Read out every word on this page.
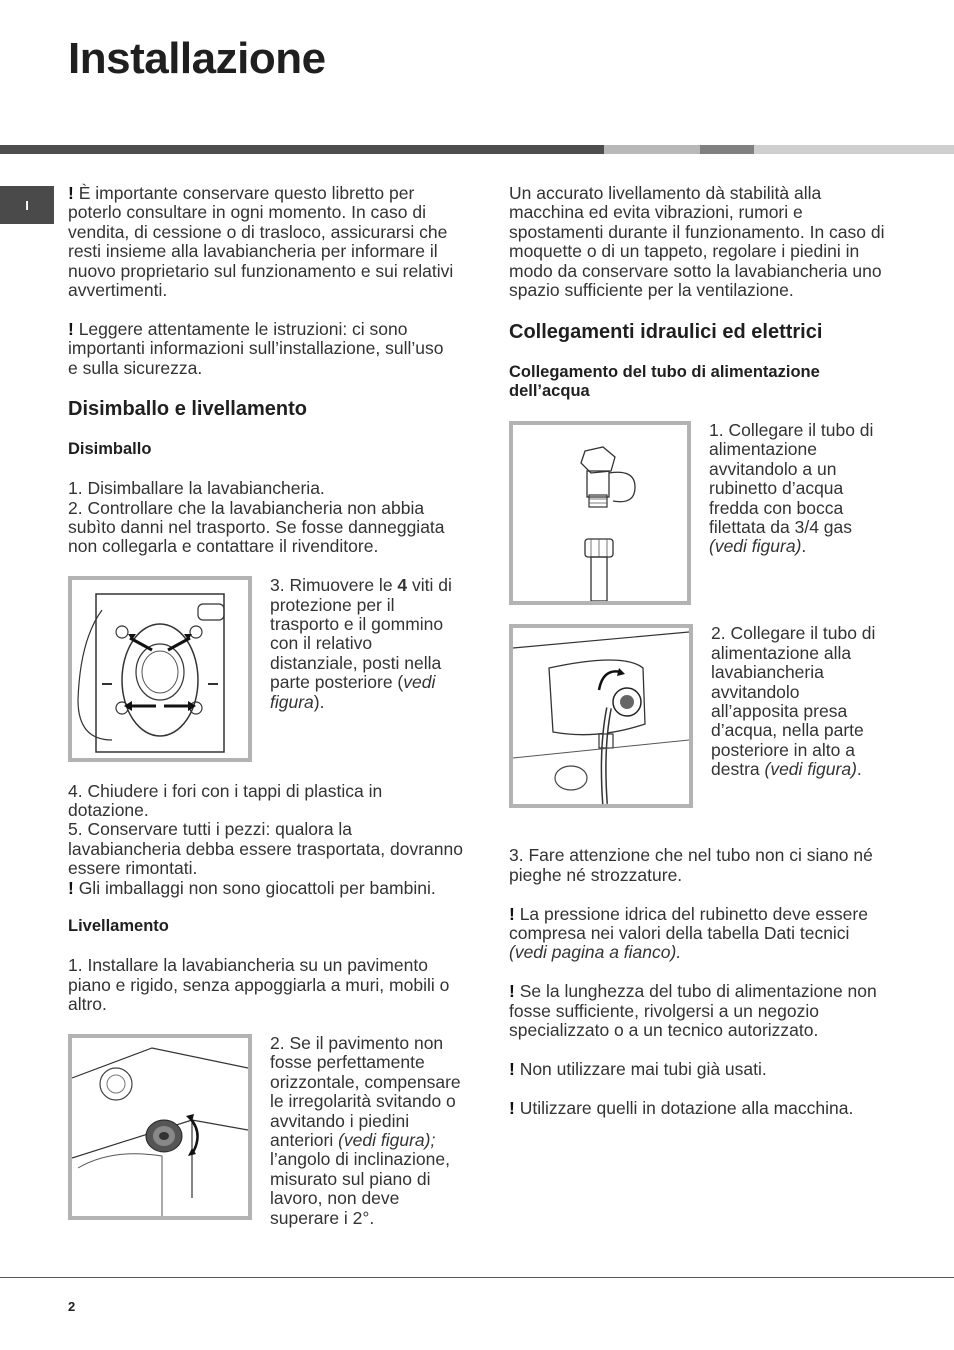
Installazione
I

! È importante conservare questo libretto per poterlo consultare in ogni momento. In caso di vendita, di cessione o di trasloco, assicurarsi che resti insieme alla lavabiancheria per informare il nuovo proprietario sul funzionamento e sui relativi avvertimenti.

! Leggere attentamente le istruzioni: ci sono importanti informazioni sull’installazione, sull’uso
e sulla sicurezza.

Disimballo e livellamento
Disimballo

1. Disimballare la lavabiancheria.

2. Controllare che la lavabiancheria non abbia subìto danni nel trasporto. Se fosse danneggiata non collegarla e contattare il rivenditore.

3. Rimuovere le 4 viti di protezione per il trasporto e il gommino con il relativo distanziale, posti nella parte posteriore (vedi figura).

4. Chiudere i fori con i tappi di plastica in dotazione.

5. Conservare tutti i pezzi: qualora la lavabiancheria debba essere trasportata, dovranno essere rimontati.

! Gli imballaggi non sono giocattoli per bambini.

Livellamento

1. Installare la lavabiancheria su un pavimento piano e rigido, senza appoggiarla a muri, mobili o altro.

2. Se il pavimento non fosse perfettamente orizzontale, compensare le irregolarità svitando o avvitando i piedini anteriori (vedi figura); l’angolo di inclinazione, misurato sul piano di lavoro, non deve superare i 2°.

Un accurato livellamento dà stabilità alla macchina ed evita vibrazioni, rumori e spostamenti durante il funzionamento. In caso di moquette o di un tappeto, regolare i piedini in modo da conservare sotto la lavabiancheria uno spazio sufficiente per la ventilazione.

Collegamenti idraulici ed elettrici
Collegamento del tubo di alimentazione dell’acqua
1. Collegare il tubo di alimentazione avvitandolo a un rubinetto d’acqua fredda con bocca filettata da 3/4 gas (vedi figura).
2. Collegare il tubo di alimentazione alla lavabiancheria avvitandolo all’apposita presa d’acqua, nella parte posteriore in alto a destra (vedi figura).

3. Fare attenzione che nel tubo non ci siano né pieghe né strozzature.

! La pressione idrica del rubinetto deve essere compresa nei valori della tabella Dati tecnici
(vedi pagina a fianco).

! Se la lunghezza del tubo di alimentazione non fosse sufficiente, rivolgersi a un negozio specializzato o a un tecnico autorizzato.

! Non utilizzare mai tubi già usati.

! Utilizzare quelli in dotazione alla macchina.

2
